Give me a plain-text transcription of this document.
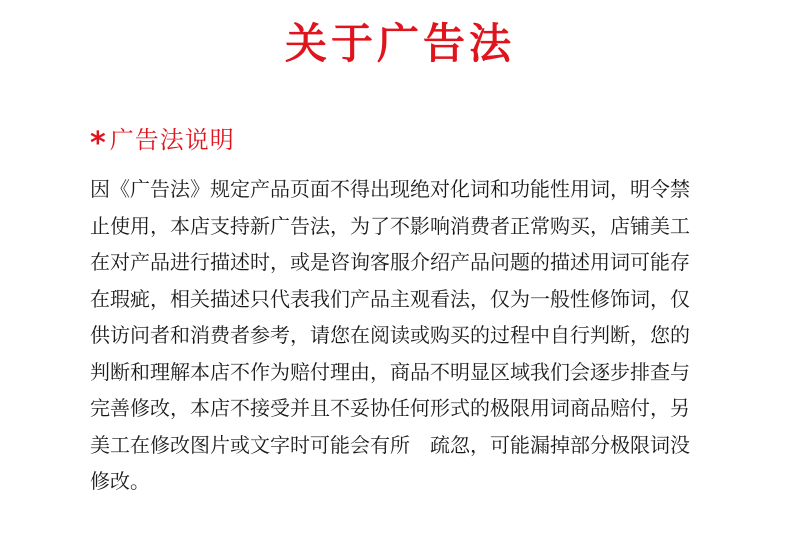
关于广告法
* 广告法说明
因《广告法》规定产品页面不得出现绝对化词和功能性用词，明令禁
止使用，本店支持新广告法，为了不影响消费者正常购买，店铺美工
在对产品进行描述时，或是咨询客服介绍产品问题的描述用词可能存
在瑕疵，相关描述只代表我们产品主观看法，仅为一般性修饰词，仅
供访问者和消费者参考，请您在阅读或购买的过程中自行判断，您的
判断和理解本店不作为赔付理由，商品不明显区域我们会逐步排查与
完善修改，本店不接受并且不妥协任何形式的极限用词商品赔付，另
美工在修改图片或文字时可能会有所　疏忽，可能漏掉部分极限词没
修改。
